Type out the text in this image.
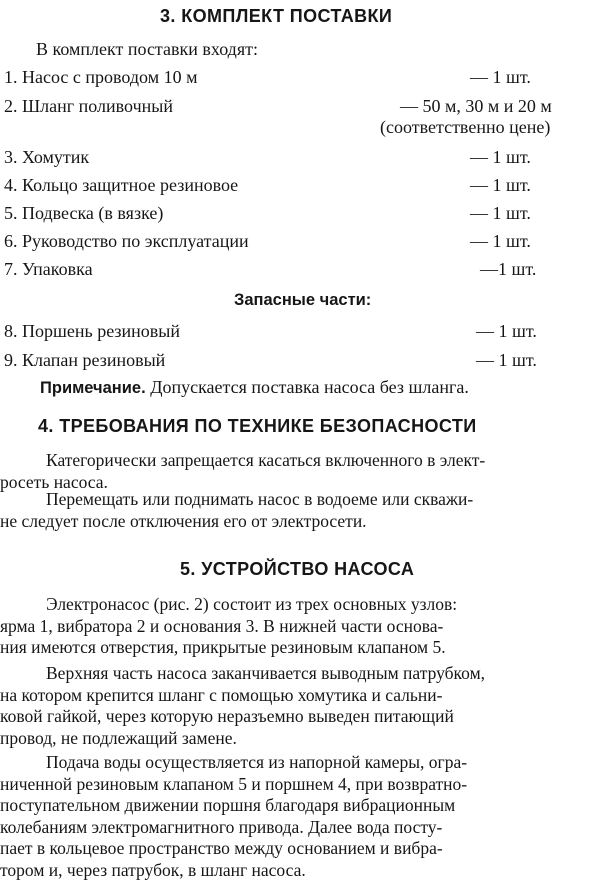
3. КОМПЛЕКТ ПОСТАВКИ
В комплект поставки входят:
1. Насос с проводом 10 м	— 1 шт.
2. Шланг поливочный	— 50 м, 30 м и 20 м
(соответственно цене)
3. Хомутик	— 1 шт.
4. Кольцо защитное резиновое	— 1 шт.
5. Подвеска (в вязке)	— 1 шт.
6. Руководство по эксплуатации	— 1 шт.
7. Упаковка	—1 шт.
Запасные части:
8. Поршень резиновый	— 1 шт.
9. Клапан резиновый	— 1 шт.
Примечание. Допускается поставка насоса без шланга.
4. ТРЕБОВАНИЯ ПО ТЕХНИКЕ БЕЗОПАСНОСТИ
Категорически запрещается касаться включенного в элект-
росеть насоса.
Перемещать или поднимать насос в водоеме или скважи-
не следует после отключения его от электросети.
5. УСТРОЙСТВО НАСОСА
Электронасос (рис. 2) состоит из трех основных узлов:
ярма 1, вибратора 2 и основания 3. В нижней части основа-
ния имеются отверстия, прикрытые резиновым клапаном 5.
Верхняя часть насоса заканчивается выводным патрубком,
на котором крепится шланг с помощью хомутика и сальни-
ковой гайкой, через которую неразъемно выведен питающий
провод, не подлежащий замене.
Подача воды осуществляется из напорной камеры, огра-
ниченной резиновым клапаном 5 и поршнем 4, при возвратно-
поступательном движении поршня благодаря вибрационным
колебаниям электромагнитного привода. Далее вода посту-
пает в кольцевое пространство между основанием и вибра-
тором и, через патрубок, в шланг насоса.
